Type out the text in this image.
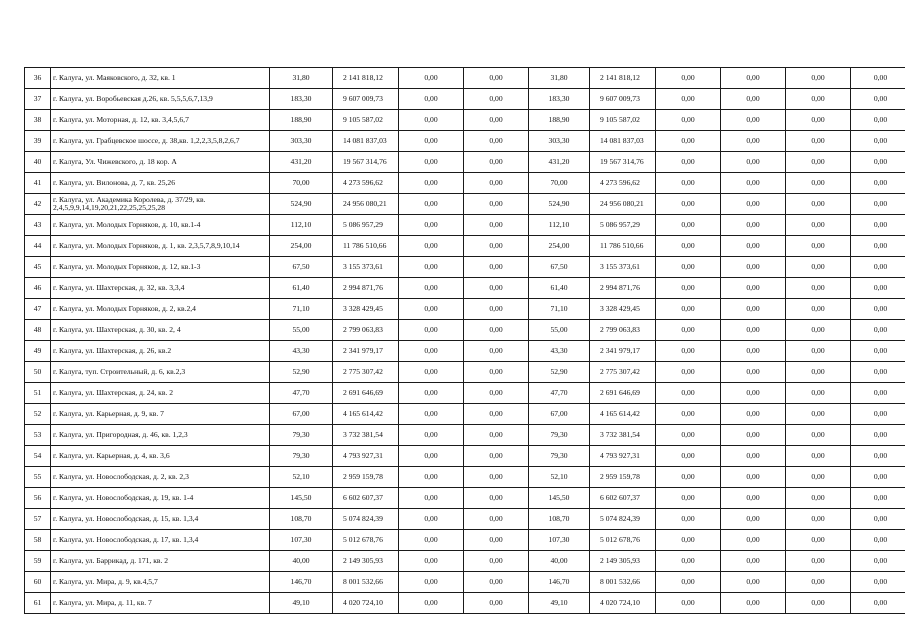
36	г. Калуга, ул. Маяковского, д. 32, кв. 1	31,80	2 141 818,12	0,00	0,00	31,80	2 141 818,12	0,00	0,00	0,00	0,00
37	г. Калуга, ул. Воробьевская д.26, кв. 5,5,5,6,7,13,9	183,30	9 607 009,73	0,00	0,00	183,30	9 607 009,73	0,00	0,00	0,00	0,00
38	г. Калуга, ул. Моторная, д. 12, кв. 3,4,5,6,7	188,90	9 105 587,02	0,00	0,00	188,90	9 105 587,02	0,00	0,00	0,00	0,00
39	г. Калуга, ул. Грабцевское шоссе, д. 38,кв. 1,2,2,3,5,8,2,6,7	303,30	14 081 837,03	0,00	0,00	303,30	14 081 837,03	0,00	0,00	0,00	0,00
40	г. Калуга, Ул. Чижевского, д. 18 кор. А	431,20	19 567 314,76	0,00	0,00	431,20	19 567 314,76	0,00	0,00	0,00	0,00
41	г. Калуга, ул. Вилонова, д. 7, кв. 25,26	70,00	4 273 596,62	0,00	0,00	70,00	4 273 596,62	0,00	0,00	0,00	0,00
42	г. Калуга, ул. Академика Королева, д. 37/29, кв. 2,4,5,9,9,14,19,20,21,22,25,25,25,28	524,90	24 956 080,21	0,00	0,00	524,90	24 956 080,21	0,00	0,00	0,00	0,00
43	г. Калуга, ул. Молодых Горняков, д. 10, кв.1-4	112,10	5 086 957,29	0,00	0,00	112,10	5 086 957,29	0,00	0,00	0,00	0,00
44	г. Калуга, ул. Молодых Горняков, д. 1, кв. 2,3,5,7,8,9,10,14	254,00	11 786 510,66	0,00	0,00	254,00	11 786 510,66	0,00	0,00	0,00	0,00
45	г. Калуга, ул. Молодых Горняков, д. 12, кв.1-3	67,50	3 155 373,61	0,00	0,00	67,50	3 155 373,61	0,00	0,00	0,00	0,00
46	г. Калуга, ул. Шахтерская, д. 32, кв. 3,3,4	61,40	2 994 871,76	0,00	0,00	61,40	2 994 871,76	0,00	0,00	0,00	0,00
47	г. Калуга, ул. Молодых Горняков, д. 2, кв.2,4	71,10	3 328 429,45	0,00	0,00	71,10	3 328 429,45	0,00	0,00	0,00	0,00
48	г. Калуга, ул. Шахтерская, д. 30, кв. 2, 4	55,00	2 799 063,83	0,00	0,00	55,00	2 799 063,83	0,00	0,00	0,00	0,00
49	г. Калуга, ул. Шахтерская, д. 26, кв.2	43,30	2 341 979,17	0,00	0,00	43,30	2 341 979,17	0,00	0,00	0,00	0,00
50	г. Калуга, туп. Строительный, д. 6, кв.2,3	52,90	2 775 307,42	0,00	0,00	52,90	2 775 307,42	0,00	0,00	0,00	0,00
51	г. Калуга, ул. Шахтерская, д. 24, кв. 2	47,70	2 691 646,69	0,00	0,00	47,70	2 691 646,69	0,00	0,00	0,00	0,00
52	г. Калуга, ул. Карьерная, д. 9, кв. 7	67,00	4 165 614,42	0,00	0,00	67,00	4 165 614,42	0,00	0,00	0,00	0,00
53	г. Калуга, ул. Пригородная, д. 46, кв. 1,2,3	79,30	3 732 381,54	0,00	0,00	79,30	3 732 381,54	0,00	0,00	0,00	0,00
54	г. Калуга, ул. Карьерная, д. 4, кв. 3,6	79,30	4 793 927,31	0,00	0,00	79,30	4 793 927,31	0,00	0,00	0,00	0,00
55	г. Калуга, ул. Новослободская, д. 2, кв. 2,3	52,10	2 959 159,78	0,00	0,00	52,10	2 959 159,78	0,00	0,00	0,00	0,00
56	г. Калуга, ул. Новослободская, д. 19, кв. 1-4	145,50	6 602 607,37	0,00	0,00	145,50	6 602 607,37	0,00	0,00	0,00	0,00
57	г. Калуга, ул. Новослободская, д. 15, кв. 1,3,4	108,70	5 074 824,39	0,00	0,00	108,70	5 074 824,39	0,00	0,00	0,00	0,00
58	г. Калуга, ул. Новослободская, д. 17, кв. 1,3,4	107,30	5 012 678,76	0,00	0,00	107,30	5 012 678,76	0,00	0,00	0,00	0,00
59	г. Калуга, ул. Баррикад, д. 171, кв. 2	40,00	2 149 305,93	0,00	0,00	40,00	2 149 305,93	0,00	0,00	0,00	0,00
60	г. Калуга, ул. Мира, д. 9, кв.4,5,7	146,70	8 001 532,66	0,00	0,00	146,70	8 001 532,66	0,00	0,00	0,00	0,00
61	г. Калуга, ул. Мира, д. 11, кв. 7	49,10	4 020 724,10	0,00	0,00	49,10	4 020 724,10	0,00	0,00	0,00	0,00
